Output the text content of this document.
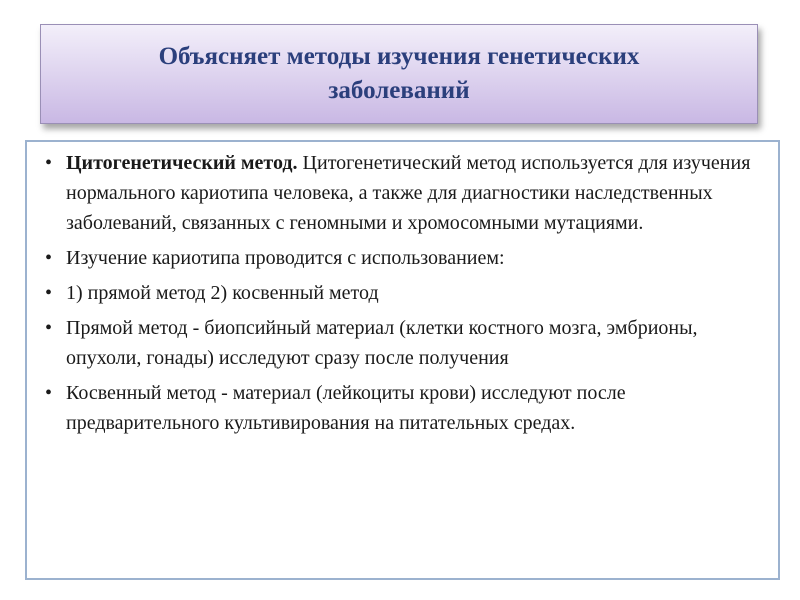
Объясняет методы изучения генетических заболеваний
• Цитогенетический метод. Цитогенетический метод используется для изучения нормального кариотипа человека, а также для диагностики наследственных заболеваний, связанных с геномными и хромосомными мутациями.
• Изучение кариотипа проводится с использованием:
• 1) прямой метод 2) косвенный метод
• Прямой метод - биопсийный материал (клетки костного мозга, эмбрионы, опухоли, гонады) исследуют сразу после получения
• Косвенный метод - материал (лейкоциты крови) исследуют после предварительного культивирования на питательных средах.
